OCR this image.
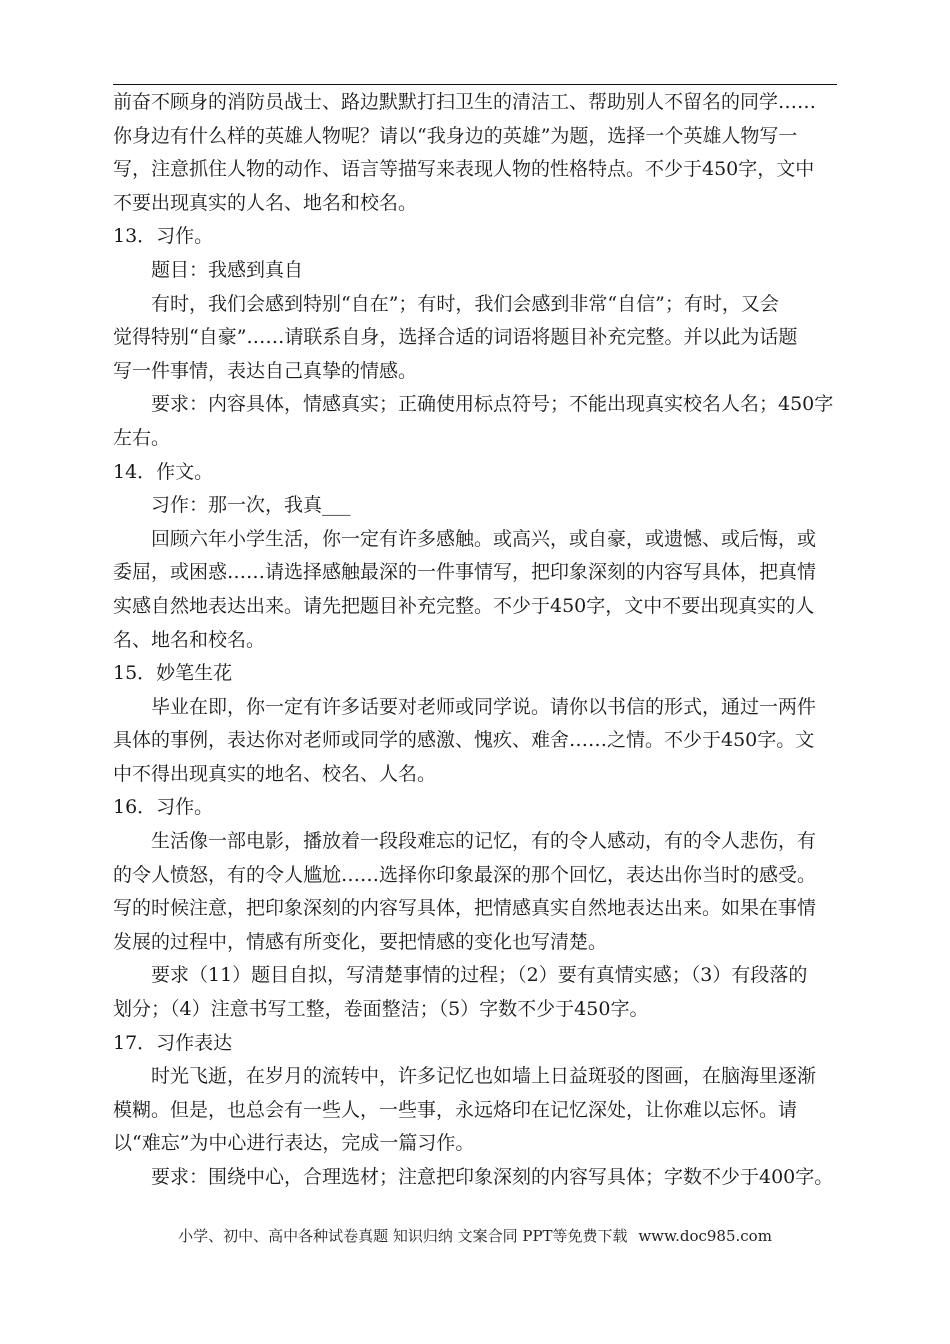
前奋不顾身的消防员战士、路边默默打扫卫生的清洁工、帮助别人不留名的同学……
你身边有什么样的英雄人物呢？请以“我身边的英雄”为题，选择一个英雄人物写一
写，注意抓住人物的动作、语言等描写来表现人物的性格特点。不少于450字，文中
不要出现真实的人名、地名和校名。
13．习作。
题目：我感到真自
有时，我们会感到特别“自在”；有时，我们会感到非常“自信”；有时，又会
觉得特别“自豪”……请联系自身，选择合适的词语将题目补充完整。并以此为话题
写一件事情，表达自己真挚的情感。
要求：内容具体，情感真实；正确使用标点符号；不能出现真实校名人名；450字
左右。
14．作文。
习作：那一次，我真___
回顾六年小学生活，你一定有许多感触。或高兴，或自豪，或遗憾、或后悔，或
委屈，或困惑……请选择感触最深的一件事情写，把印象深刻的内容写具体，把真情
实感自然地表达出来。请先把题目补充完整。不少于450字，文中不要出现真实的人
名、地名和校名。
15．妙笔生花
毕业在即，你一定有许多话要对老师或同学说。请你以书信的形式，通过一两件
具体的事例，表达你对老师或同学的感激、愧疚、难舍……之情。不少于450字。文
中不得出现真实的地名、校名、人名。
16．习作。
生活像一部电影，播放着一段段难忘的记忆，有的令人感动，有的令人悲伤，有
的令人愤怒，有的令人尴尬……选择你印象最深的那个回忆，表达出你当时的感受。
写的时候注意，把印象深刻的内容写具体，把情感真实自然地表达出来。如果在事情
发展的过程中，情感有所变化，要把情感的变化也写清楚。
要求（11）题目自拟，写清楚事情的过程；（2）要有真情实感；（3）有段落的
划分；（4）注意书写工整，卷面整洁；（5）字数不少于450字。
17．习作表达
时光飞逝，在岁月的流转中，许多记忆也如墙上日益斑驳的图画，在脑海里逐渐
模糊。但是，也总会有一些人，一些事，永远烙印在记忆深处，让你难以忘怀。请
以“难忘”为中心进行表达，完成一篇习作。
要求：围绕中心，合理选材；注意把印象深刻的内容写具体；字数不少于400字。
小学、初中、高中各种试卷真题 知识归纳 文案合同 PPT等免费下载 www.doc985.com
